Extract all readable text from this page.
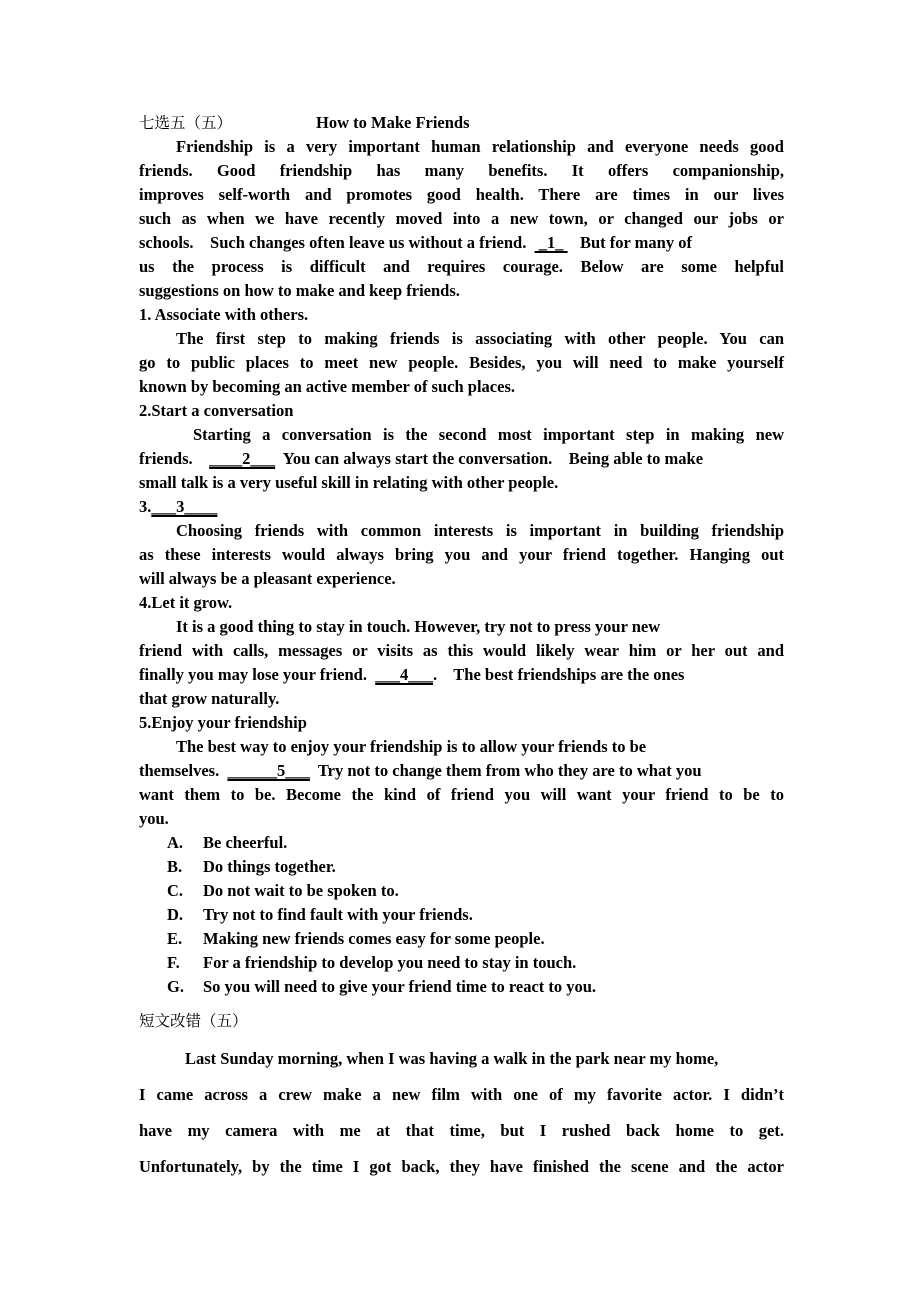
七选五（五）	How to Make Friends
Friendship is a very important human relationship and everyone needs good
friends. Good friendship has many benefits. It offers companionship,
improves self-worth and promotes good health. There are times in our lives
such as when we have recently moved into a new town, or changed our jobs or
schools.    Such changes often leave us without a friend.   _1_    But for many of
us the process is difficult and requires courage. Below are some helpful
suggestions on how to make and keep friends.
1. Associate with others.
The first step to making friends is associating with other people. You can
go to public places to meet new people. Besides, you will need to make yourself
known by becoming an active member of such places.
2.Start a conversation
Starting a conversation is the second most important step in making new
friends.    ____2___  You can always start the conversation.    Being able to make
small talk is a very useful skill in relating with other people.
3.___3____
Choosing friends with common interests is important in building friendship
as these interests would always bring you and your friend together. Hanging out
will always be a pleasant experience.
4.Let it grow.
It is a good thing to stay in touch. However, try not to press your new
friend with calls, messages or visits as this would likely wear him or her out and
finally you may lose your friend.  ___4___.    The best friendships are the ones
that grow naturally.
5.Enjoy your friendship
The best way to enjoy your friendship is to allow your friends to be
themselves.  ______5___  Try not to change them from who they are to what you
want them to be. Become the kind of friend you will want your friend to be to
you.
A. Be cheerful.
B. Do things together.
C. Do not wait to be spoken to.
D. Try not to find fault with your friends.
E. Making new friends comes easy for some people.
F. For a friendship to develop you need to stay in touch.
G. So you will need to give your friend time to react to you.
短文改错（五）
Last Sunday morning, when I was having a walk in the park near my home,
I came across a crew make a new film with one of my favorite actor. I didn’t
have my camera with me at that time, but I rushed back home to get.
Unfortunately, by the time I got back, they have finished the scene and the actor
